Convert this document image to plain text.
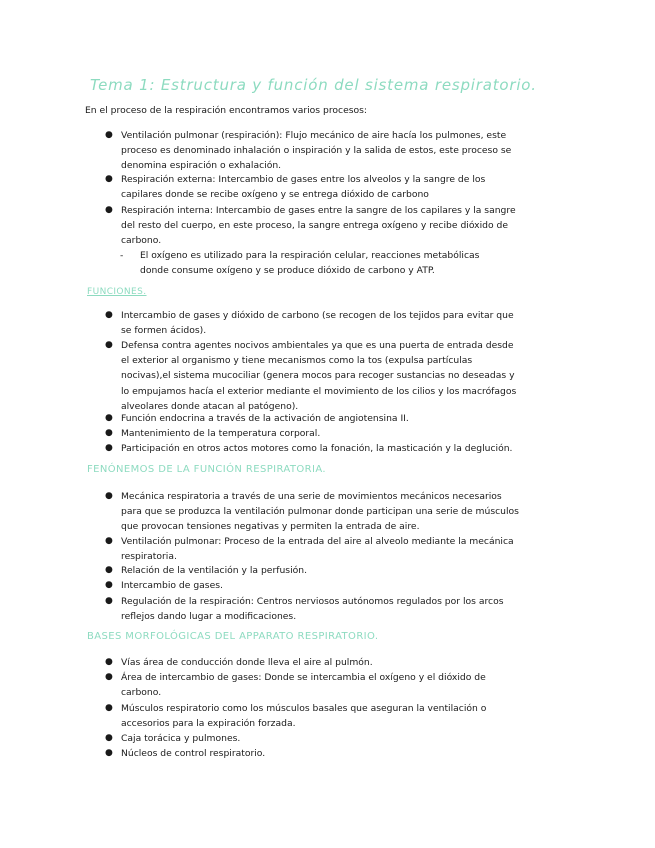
Tema 1: Estructura y función del sistema respiratorio.
En el proceso de la respiración encontramos varios procesos:
● Ventilación pulmonar (respiración): Flujo mecánico de aire hacía los pulmones, este proceso es denominado inhalación o inspiración y la salida de estos, este proceso se denomina espiración o exhalación.
● Respiración externa: Intercambio de gases entre los alveolos y la sangre de los capilares donde se recibe oxígeno y se entrega dióxido de carbono
● Respiración interna: Intercambio de gases entre la sangre de los capilares y la sangre del resto del cuerpo, en este proceso, la sangre entrega oxígeno y recibe dióxido de carbono.
- El oxígeno es utilizado para la respiración celular, reacciones metabólicas donde consume oxígeno y se produce dióxido de carbono y ATP.
FUNCIONES.
● Intercambio de gases y dióxido de carbono (se recogen de los tejidos para evitar que se formen ácidos).
● Defensa contra agentes nocivos ambientales ya que es una puerta de entrada desde el exterior al organismo y tiene mecanismos como la tos (expulsa partículas nocivas),el sistema mucociliar (genera mocos para recoger sustancias no deseadas y lo empujamos hacía el exterior mediante el movimiento de los cilios y los macrófagos alveolares donde atacan al patógeno).
● Función endocrina a través de la activación de angiotensina II.
● Mantenimiento de la temperatura corporal.
● Participación en otros actos motores como la fonación, la masticación y la deglución.
FENÓNEMOS DE LA FUNCIÓN RESPIRATORIA.
● Mecánica respiratoria a través de una serie de movimientos mecánicos necesarios para que se produzca la ventilación pulmonar donde participan una serie de músculos que provocan tensiones negativas y permiten la entrada de aire.
● Ventilación pulmonar: Proceso de la entrada del aire al alveolo mediante la mecánica respiratoria.
● Relación de la ventilación y la perfusión.
● Intercambio de gases.
● Regulación de la respiración: Centros nerviosos autónomos regulados por los arcos reflejos dando lugar a modificaciones.
BASES MORFOLÓGICAS DEL APPARATO RESPIRATORIO.
● Vías área de conducción donde lleva el aire al pulmón.
● Área de intercambio de gases: Donde se intercambia el oxígeno y el dióxido de carbono.
● Músculos respiratorio como los músculos basales que aseguran la ventilación o accesorios para la expiración forzada.
● Caja torácica y pulmones.
● Núcleos de control respiratorio.
